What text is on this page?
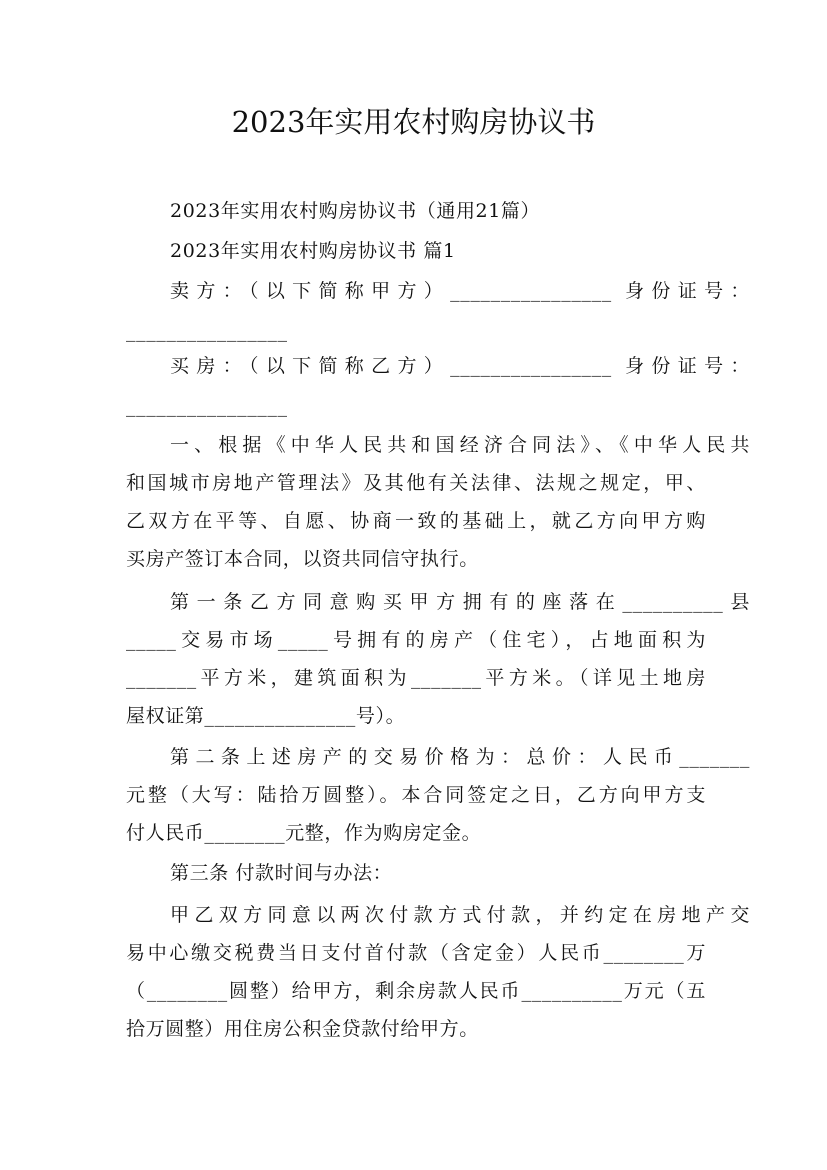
2023年实用农村购房协议书
2023年实用农村购房协议书（通用21篇）
2023年实用农村购房协议书 篇1
卖方：（以下简称甲方）________________ 身份证号：
________________
买房：（以下简称乙方）________________ 身份证号：
________________
一、根据《中华人民共和国经济合同法》、《中华人民共
和国城市房地产管理法》及其他有关法律、法规之规定，甲、
乙双方在平等、自愿、协商一致的基础上，就乙方向甲方购
买房产签订本合同，以资共同信守执行。
第一条乙方同意购买甲方拥有的座落在__________县
_____交易市场_____号拥有的房产（住宅），占地面积为
_______平方米，建筑面积为_______平方米。（详见土地房
屋权证第_______________号）。
第二条上述房产的交易价格为：总价：人民币_______
元整（大写：陆拾万圆整）。本合同签定之日，乙方向甲方支
付人民币________元整，作为购房定金。
第三条 付款时间与办法：
甲乙双方同意以两次付款方式付款，并约定在房地产交
易中心缴交税费当日支付首付款（含定金）人民币________万
（________圆整）给甲方，剩余房款人民币__________万元（五
拾万圆整）用住房公积金贷款付给甲方。
